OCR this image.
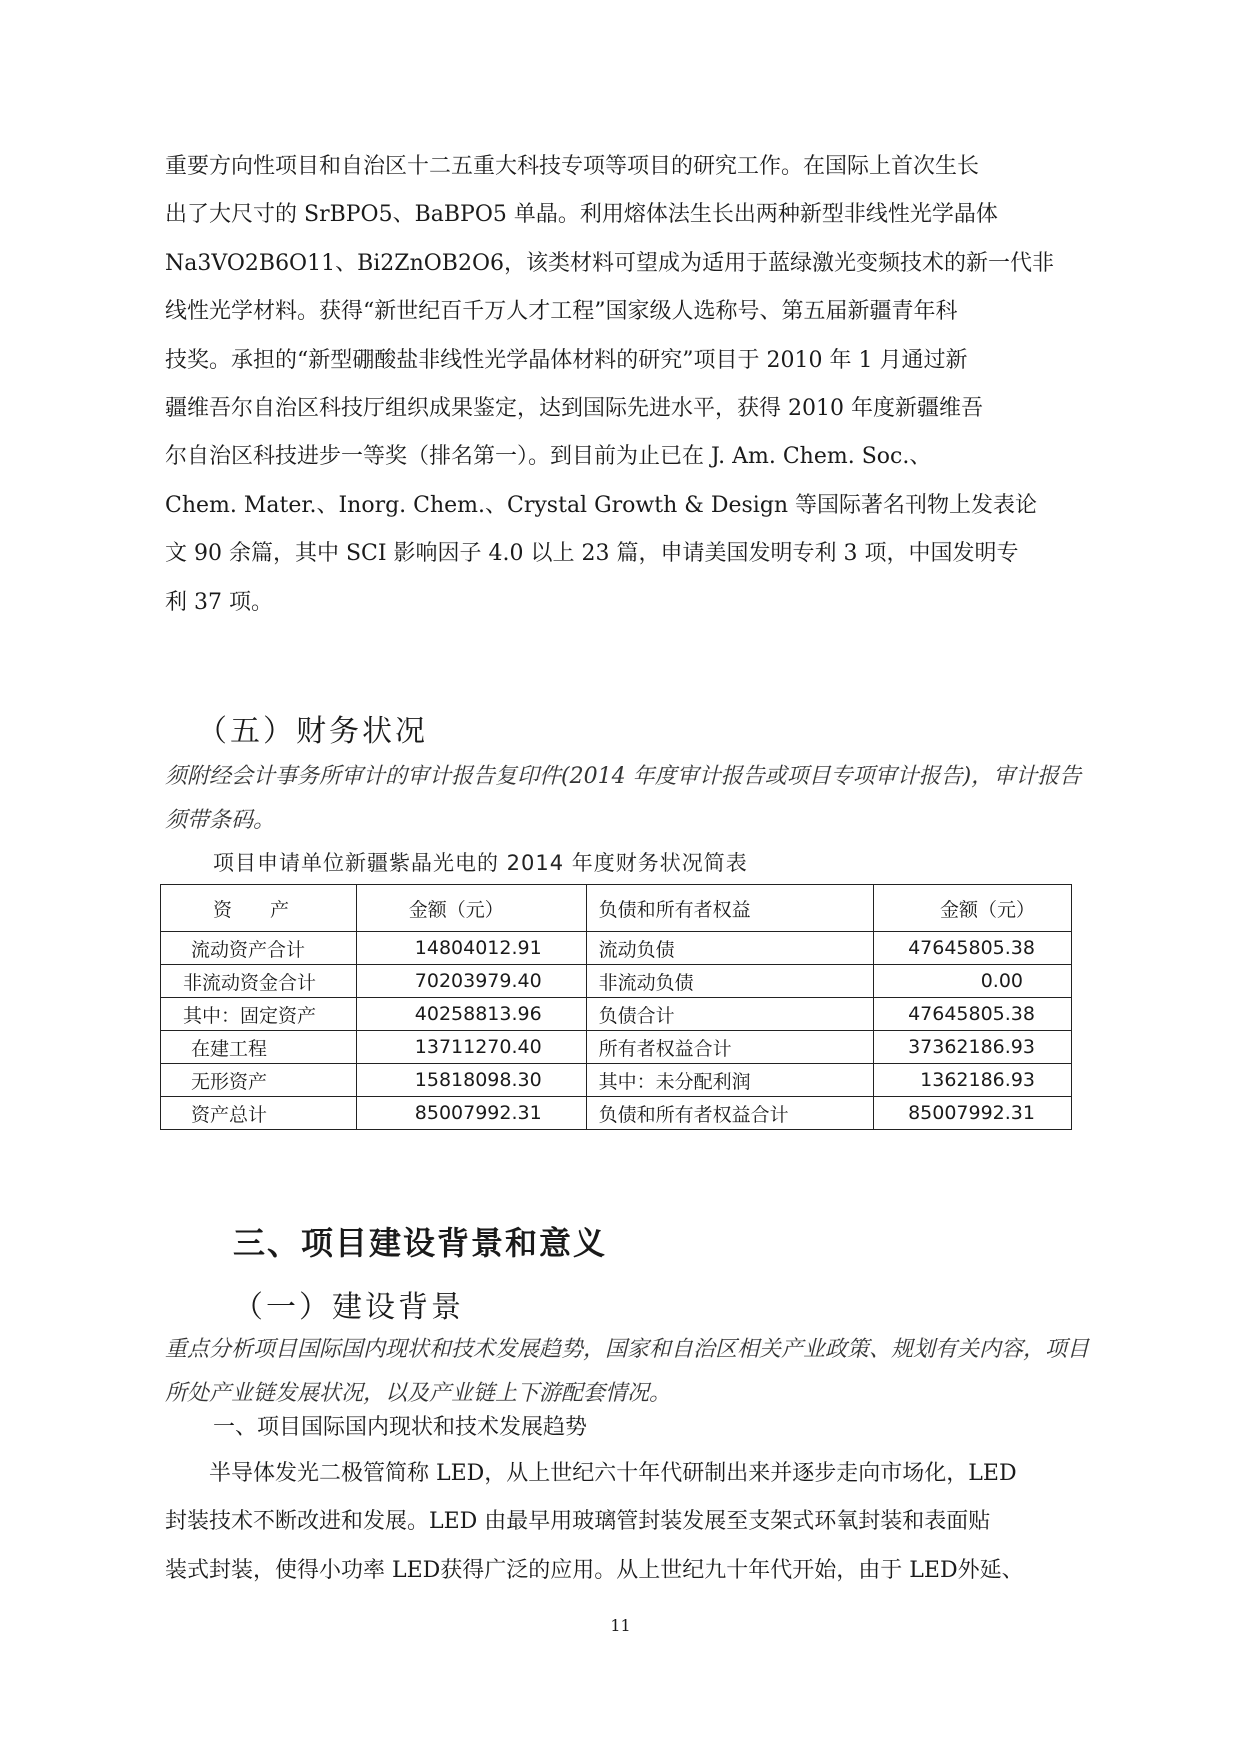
重要方向性项目和自治区十二五重大科技专项等项目的研究工作。在国际上首次生长
出了大尺寸的 SrBPO5、BaBPO5 单晶。利用熔体法生长出两种新型非线性光学晶体
Na3VO2B6O11、Bi2ZnOB2O6，该类材料可望成为适用于蓝绿激光变频技术的新一代非
线性光学材料。获得“新世纪百千万人才工程”国家级人选称号、第五届新疆青年科
技奖。承担的“新型硼酸盐非线性光学晶体材料的研究”项目于 2010 年 1 月通过新
疆维吾尔自治区科技厅组织成果鉴定，达到国际先进水平，获得 2010 年度新疆维吾
尔自治区科技进步一等奖（排名第一）。到目前为止已在 J. Am. Chem. Soc.、
Chem. Mater.、Inorg. Chem.、Crystal Growth & Design 等国际著名刊物上发表论
文 90 余篇，其中 SCI 影响因子 4.0 以上 23 篇，申请美国发明专利 3 项，中国发明专
利 37 项。
（五）财务状况

须附经会计事务所审计的审计报告复印件(2014 年度审计报告或项目专项审计报告)，审计报告须带条码。

项目申请单位新疆紫晶光电的 2014 年度财务状况简表

资　　产	金额（元）	负债和所有者权益	金额（元）
流动资产合计	14804012.91	流动负债	47645805.38
非流动资金合计	70203979.40	非流动负债	0.00
其中：固定资产	40258813.96	负债合计	47645805.38
在建工程	13711270.40	所有者权益合计	37362186.93
无形资产	15818098.30	其中：未分配利润	1362186.93
资产总计	85007992.31	负债和所有者权益合计	85007992.31
三、项目建设背景和意义
（一）建设背景

重点分析项目国际国内现状和技术发展趋势，国家和自治区相关产业政策、规划有关内容，项目所处产业链发展状况，以及产业链上下游配套情况。

一、项目国际国内现状和技术发展趋势

半导体发光二极管简称 LED，从上世纪六十年代研制出来并逐步走向市场化，LED
封装技术不断改进和发展。LED 由最早用玻璃管封装发展至支架式环氧封装和表面贴
装式封装，使得小功率 LED获得广泛的应用。从上世纪九十年代开始，由于 LED外延、

11
